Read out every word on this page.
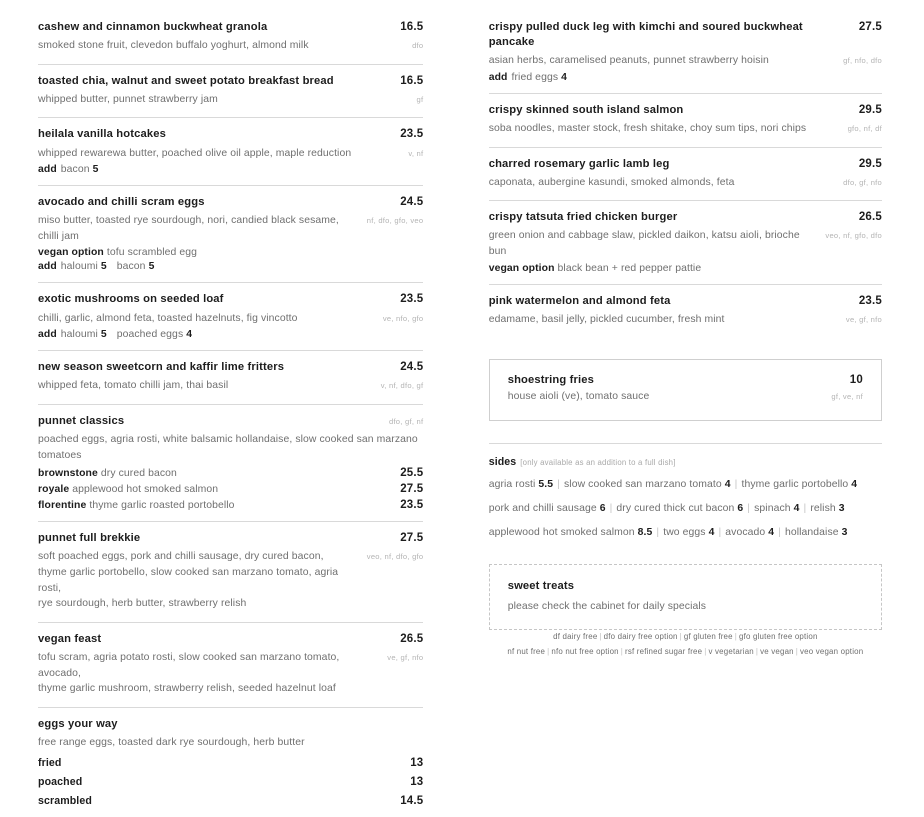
cashew and cinnamon buckwheat granola	16.5
smoked stone fruit, clevedon buffalo yoghurt, almond milk	dfo
toasted chia, walnut and sweet potato breakfast bread	16.5
whipped butter, punnet strawberry jam	gf
heilala vanilla hotcakes	23.5
whipped rewarewa butter, poached olive oil apple, maple reduction	v, nf
add bacon 5
avocado and chilli scram eggs	24.5
miso butter, toasted rye sourdough, nori, candied black sesame, chilli jam
nf, dfo, gfo, veo
vegan option tofu scrambled egg
add haloumi 5 bacon 5
exotic mushrooms on seeded loaf	23.5
chilli, garlic, almond feta, toasted hazelnuts, fig vincotto	ve, nfo, gfo
add haloumi 5 poached eggs 4
new season sweetcorn and kaffir lime fritters	24.5
whipped feta, tomato chilli jam, thai basil	v, nf, dfo, gf
punnet classics	dfo, gf, nf
poached eggs, agria rosti, white balsamic hollandaise, slow cooked san marzano tomatoes
brownstone dry cured bacon	25.5
royale applewood hot smoked salmon	27.5
florentine thyme garlic roasted portobello	23.5
punnet full brekkie	27.5
soft poached eggs, pork and chilli sausage, dry cured bacon,
thyme garlic portobello, slow cooked san marzano tomato, agria rosti,
rye sourdough, herb butter, strawberry relish
veo, nf, dfo, gfo
vegan feast	26.5
tofu scram, agria potato rosti, slow cooked san marzano tomato, avocado,
thyme garlic mushroom, strawberry relish, seeded hazelnut loaf
ve, gf, nfo
eggs your way
free range eggs, toasted dark rye sourdough, herb butter
fried	13
poached	13
scrambled	14.5
crispy pulled duck leg with kimchi and soured buckwheat pancake
27.5
asian herbs, caramelised peanuts, punnet strawberry hoisin	gf, nfo, dfo
add fried eggs 4
crispy skinned south island salmon	29.5
soba noodles, master stock, fresh shitake, choy sum tips, nori chips	gfo, nf, df
charred rosemary garlic lamb leg	29.5
caponata, aubergine kasundi, smoked almonds, feta	dfo, gf, nfo
crispy tatsuta fried chicken burger	26.5
green onion and cabbage slaw, pickled daikon, katsu aioli, brioche bun
veo, nf, gfo, dfo
vegan option black bean + red pepper pattie
pink watermelon and almond feta	23.5
edamame, basil jelly, pickled cucumber, fresh mint	ve, gf, nfo
shoestring fries	10
house aioli (ve), tomato sauce	gf, ve, nf
sides [only available as an addition to a full dish]
agria rosti 5.5 | slow cooked san marzano tomato 4 | thyme garlic portobello 4
pork and chilli sausage 6 | dry cured thick cut bacon 6 | spinach 4 | relish 3
applewood hot smoked salmon 8.5 | two eggs 4 | avocado 4 | hollandaise 3
sweet treats
please check the cabinet for daily specials
df dairy free | dfo dairy free option | gf gluten free | gfo gluten free option
nf nut free | nfo nut free option | rsf refined sugar free | v vegetarian | ve vegan | veo vegan option
